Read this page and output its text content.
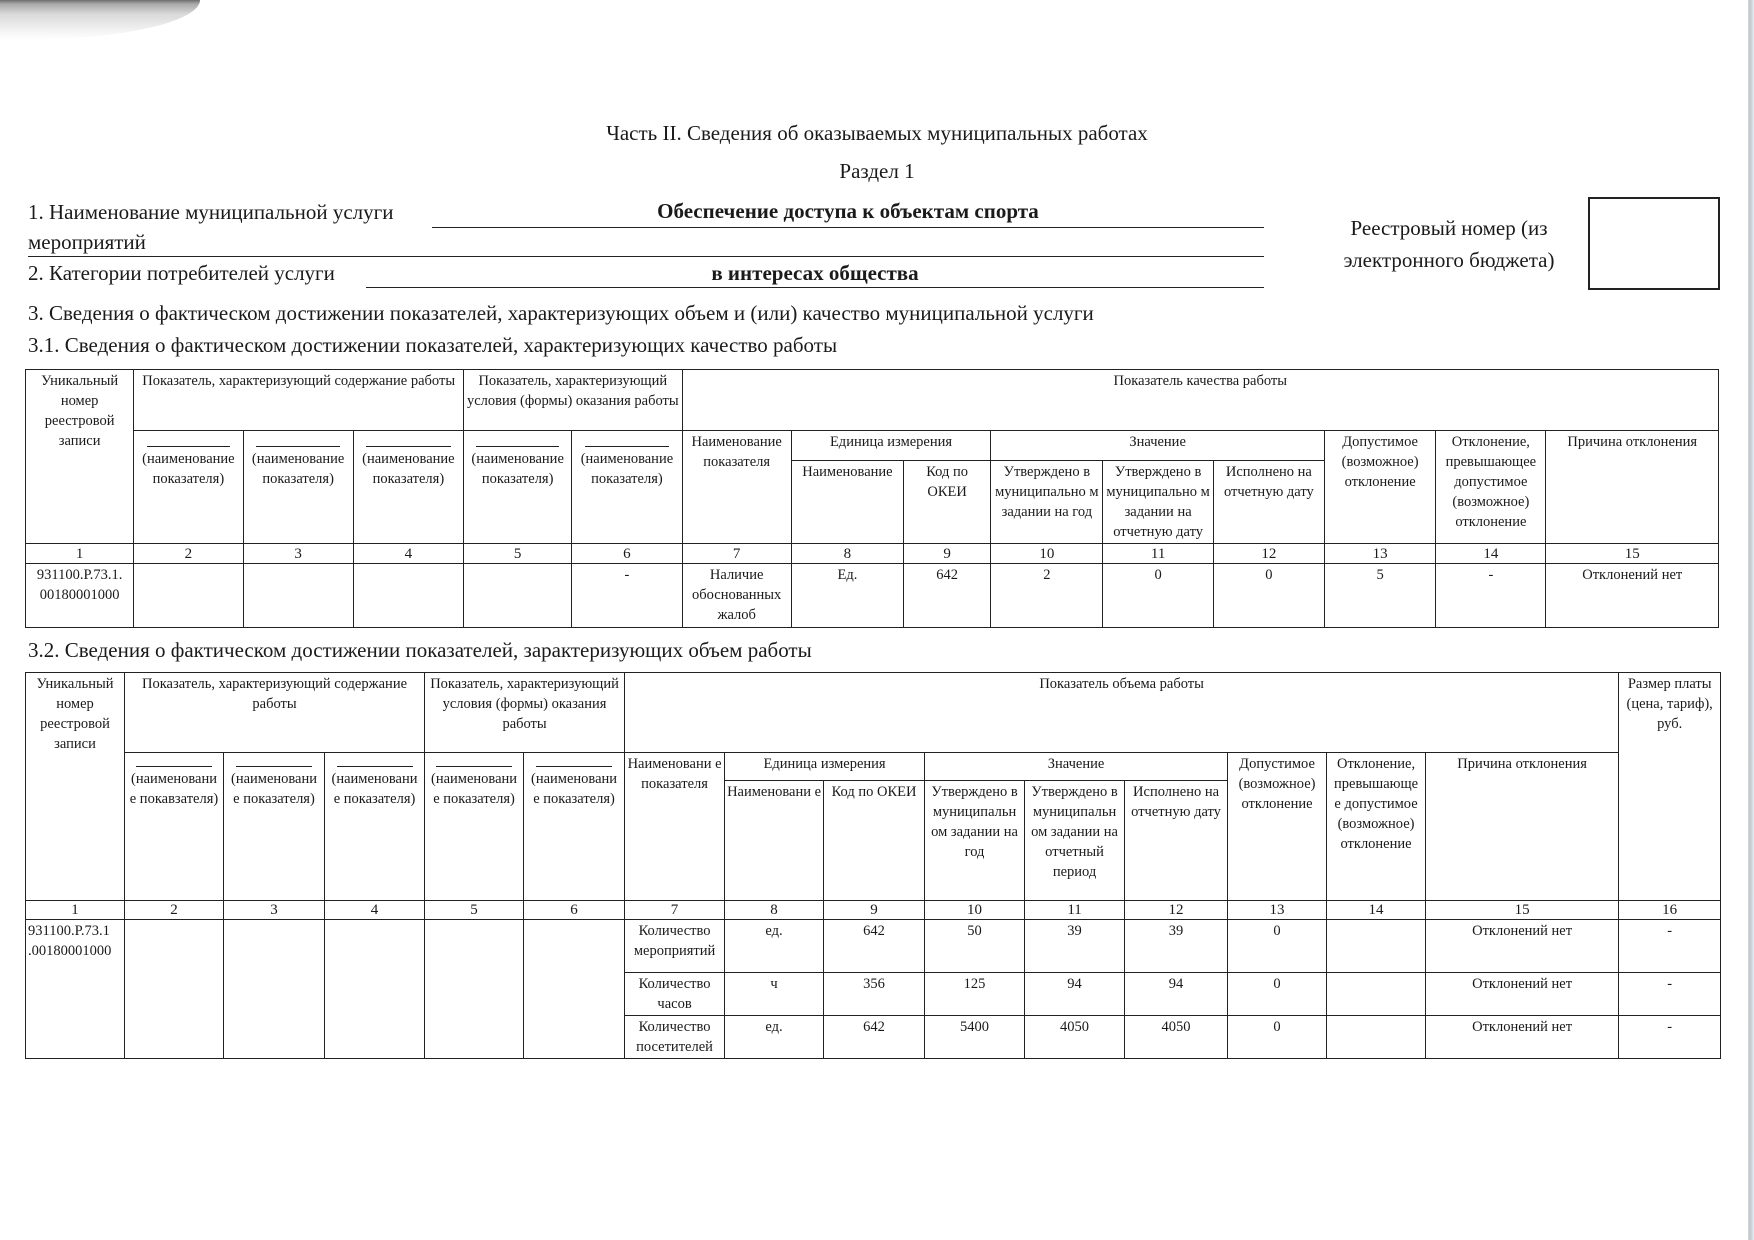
Часть II. Сведения об оказываемых муниципальных работах
Раздел 1
1. Наименование муниципальной услуги	Обеспечение доступа к объектам спорта
мероприятий
2. Категории потребителей услуги	в интересах общества
Реестровый номер (из
электронного бюджета)
3. Сведения о фактическом достижении показателей, характеризующих объем и (или) качество муниципальной услуги
3.1. Сведения о фактическом достижении показателей, характеризующих качество работы
Уникальный номер реестровой записи	Показатель, характеризующий содержание работы			Показатель, характеризующий условия (формы) оказания работы		Показатель качества работы								

(наименование показателя)	(наименование показателя)	(наименование показателя)	(наименование показателя)	(наименование показателя)	Наименование показателя	Единица измерения		Значение			Допустимое (возможное) отклонение	Отклонение, превышающее допустимое (возможное) отклонение	Причина отклонения
							Наименование	Код по ОКЕИ	Утверждено в муниципально м задании на год	Утверждено в муниципально м задании на отчетную дату	Исполнено на отчетную дату			
1	2	3	4	5	6	7	8	9	10	11	12	13	14	15
931100.Р.73.1. 00180001000					-	Наличие обоснованных жалоб	Ед.	642	2	0	0	5	-	Отклонений нет
3.2. Сведения о фактическом достижении показателей, зарактеризующих объем работы
Уникальный номер реестровой записи	Показатель, характеризующий содержание работы			Показатель, характеризующий условия (формы) оказания работы		Показатель объема работы									Размер платы (цена, тариф), руб.

(наименовани е покавзателя)	(наименовани е показателя)	(наименовани е показателя)	(наименовани е показателя)	(наименовани е показателя)	Наименовани е показателя	Единица измерения		Значение			Допустимое (возможное) отклонение	Отклонение, превышающе е допустимое (возможное) отклонение	Причина отклонения	
							Наименовани е	Код по ОКЕИ	Утверждено в муниципальн ом задании на год	Утверждено в муниципальн ом задании на отчетный период	Исполнено на отчетную дату				
1	2	3	4	5	6	7	8	9	10	11	12	13	14	15	16
931100.Р.73.1 .00180001000						Количество мероприятий	ед.	642	50	39	39	0		Отклонений нет	-
						Количество часов	ч	356	125	94	94	0		Отклонений нет	-
						Количество посетителей	ед.	642	5400	4050	4050	0		Отклонений нет	-
